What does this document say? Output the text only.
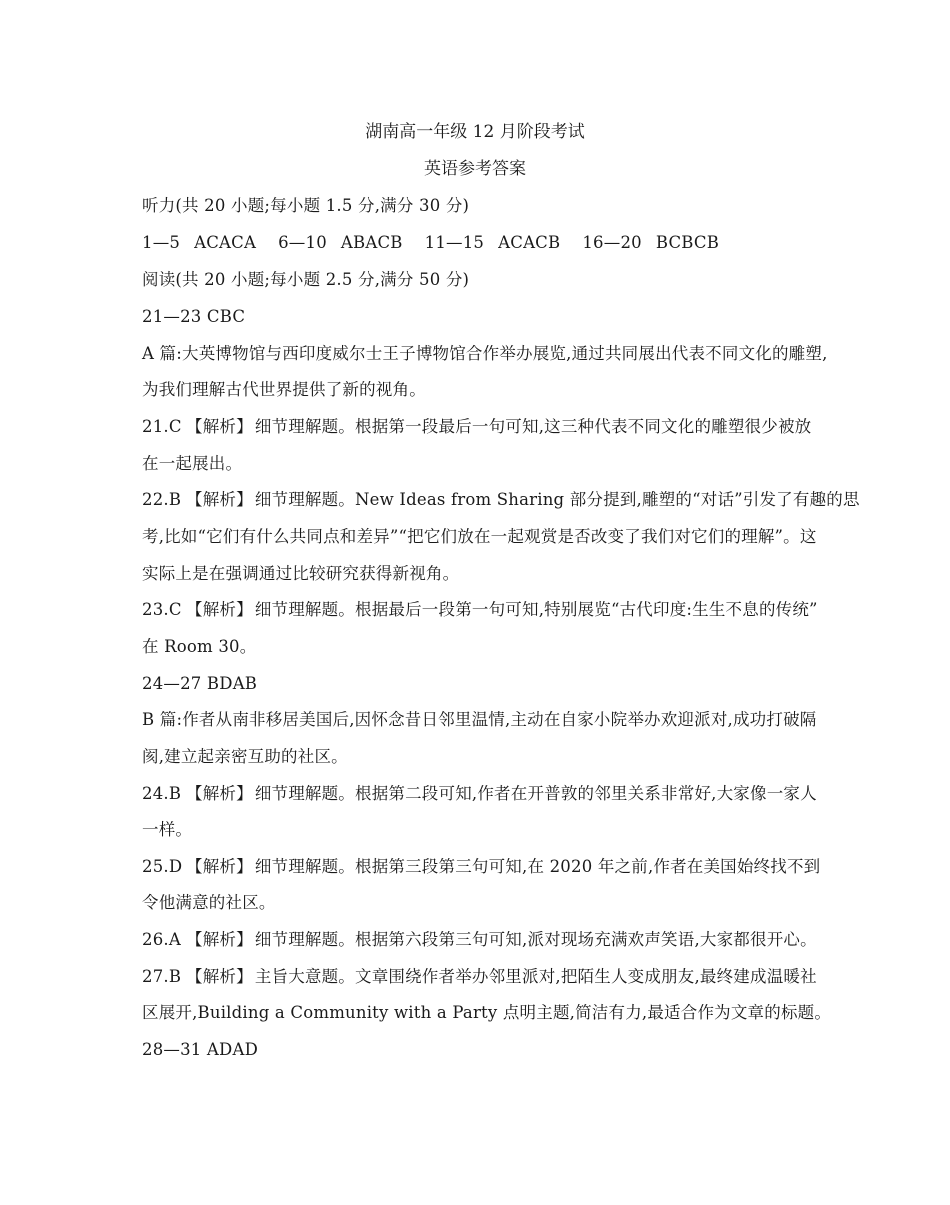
湖南高一年级 12 月阶段考试
英语参考答案
听力(共 20 小题;每小题 1.5 分,满分 30 分)
1—5 ACACA 6—10 ABACB 11—15 ACACB 16—20 BCBCB
阅读(共 20 小题;每小题 2.5 分,满分 50 分)
21—23 CBC
A 篇:大英博物馆与西印度威尔士王子博物馆合作举办展览,通过共同展出代表不同文化的雕塑,
为我们理解古代世界提供了新的视角。
21.C 【解析】 细节理解题。根据第一段最后一句可知,这三种代表不同文化的雕塑很少被放
在一起展出。
22.B 【解析】 细节理解题。New Ideas from Sharing 部分提到,雕塑的“对话”引发了有趣的思
考,比如“它们有什么共同点和差异”“把它们放在一起观赏是否改变了我们对它们的理解”。这
实际上是在强调通过比较研究获得新视角。
23.C 【解析】 细节理解题。根据最后一段第一句可知,特别展览“古代印度:生生不息的传统”
在 Room 30。
24—27 BDAB
B 篇:作者从南非移居美国后,因怀念昔日邻里温情,主动在自家小院举办欢迎派对,成功打破隔
阂,建立起亲密互助的社区。
24.B 【解析】 细节理解题。根据第二段可知,作者在开普敦的邻里关系非常好,大家像一家人
一样。
25.D 【解析】 细节理解题。根据第三段第三句可知,在 2020 年之前,作者在美国始终找不到
令他满意的社区。
26.A 【解析】 细节理解题。根据第六段第三句可知,派对现场充满欢声笑语,大家都很开心。
27.B 【解析】 主旨大意题。文章围绕作者举办邻里派对,把陌生人变成朋友,最终建成温暖社
区展开,Building a Community with a Party 点明主题,简洁有力,最适合作为文章的标题。
28—31 ADAD
